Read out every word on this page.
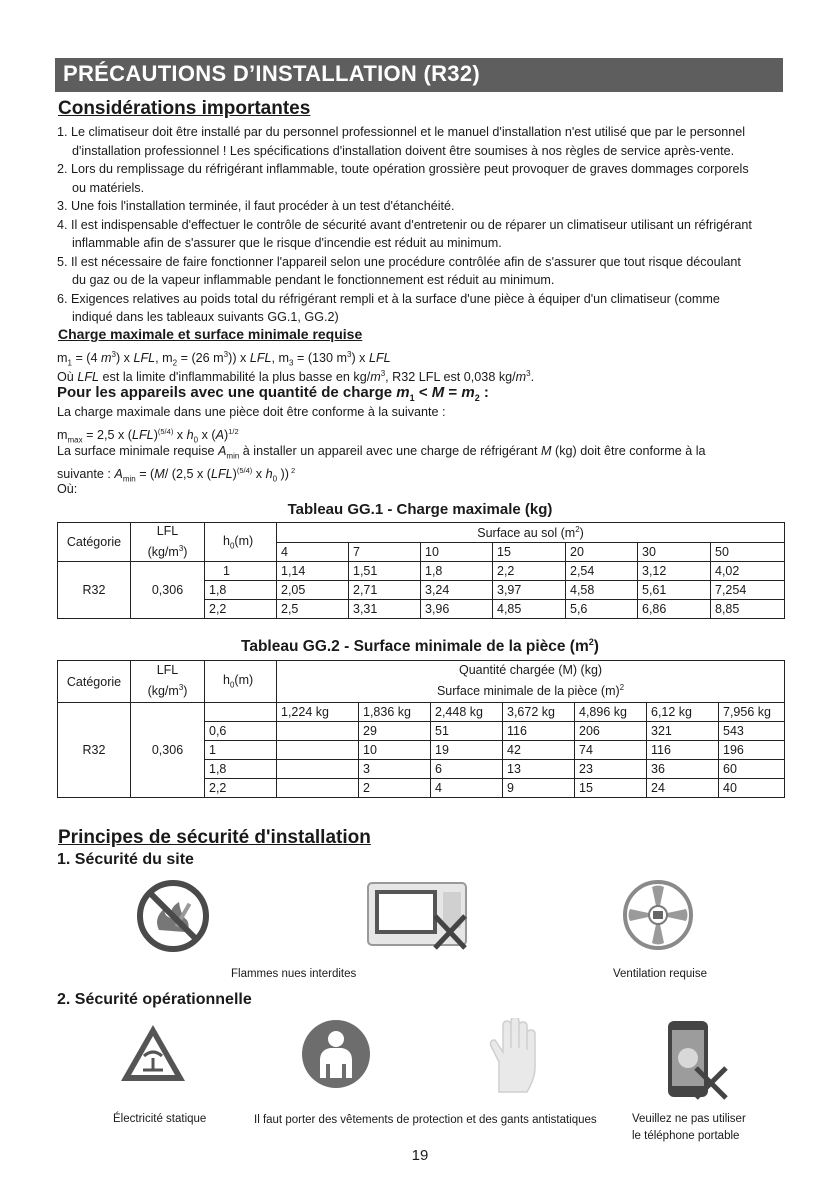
PRÉCAUTIONS D’INSTALLATION (R32)
Considérations importantes
1. Le climatiseur doit être installé par du personnel professionnel et le manuel d'installation n'est utilisé que par le personnel
d'installation professionnel ! Les spécifications d'installation doivent être soumises à nos règles de service après-vente.
2. Lors du remplissage du réfrigérant inflammable, toute opération grossière peut provoquer de graves dommages corporels
ou matériels.
3. Une fois l'installation terminée, il faut procéder à un test d'étanchéité.
4. Il est indispensable d'effectuer le contrôle de sécurité avant d'entretenir ou de réparer un climatiseur utilisant un réfrigérant
inflammable afin de s'assurer que le risque d'incendie est réduit au minimum.
5. Il est nécessaire de faire fonctionner l'appareil selon une procédure contrôlée afin de s'assurer que tout risque découlant
du gaz ou de la vapeur inflammable pendant le fonctionnement est réduit au minimum.
6. Exigences relatives au poids total du réfrigérant rempli et à la surface d'une pièce à équiper d'un climatiseur (comme
indiqué dans les tableaux suivants GG.1, GG.2)
Charge maximale et surface minimale requise
$m_1 = (4$ $m^3$) x LFL, $m_2 = (26$ $m^3$)) x LFL, $m_3 = (130$ $m^3$) x LFL
Où LFL est la limite d'inflammabilité la plus basse en $kg/m^3$, R32 LFL est 0,038 $kg/m^3$.
Pour les appareils avec une quantité de charge $m_1 < M = m_2$ :
La charge maximale dans une pièce doit être conforme à la suivante :
$m_{max} = 2,5$ x (LFL)$^{(5/4)}$ x $h_0$ x $(A)^{1/2}$
La surface minimale requise $A_{min}$ à installer un appareil avec une charge de réfrigérant M (kg) doit être conforme à la
suivante : $A_{min} = (M/$ (2,5 x (LFL)$^{(5/4)}$ x $h_0$ )) $^2$
Où:
Tableau GG.1 - Charge maximale (kg)
Catégorie	LFL
$(kg/m^3)$	$h_0(m)$	Surface au sol $(m^2)$						
			4	7	10	15	20	30	50
R32	0,306	1	1,14	1,51	1,8	2,2	2,54	3,12	4,02
		1,8	2,05	2,71	3,24	3,97	4,58	5,61	7,254
		2,2	2,5	3,31	3,96	4,85	5,6	6,86	8,85
Tableau GG.2 - Surface minimale de la pièce $(m^2)$
Catégorie	LFL
$(kg/m^3)$	$h_0(m)$	Quantité chargée (M) (kg)
Surface minimale de la pièce $(m)^2$

R32	0,306		1,224 kg	1,836 kg	2,448 kg	3,672 kg	4,896 kg	6,12 kg	7,956 kg
		0,6		29	51	116	206	321	543
		1		10	19	42	74	116	196
		1,8		3	6	13	23	36	60
		2,2		2	4	9	15	24	40
Principes de sécurité d'installation
1. Sécurité du site
Flammes nues interdites	Ventilation requise
2. Sécurité opérationnelle
Électricité statique	Il faut porter des vêtements de protection et des gants antistatiques	Veuillez ne pas utiliser
le téléphone portable
19
